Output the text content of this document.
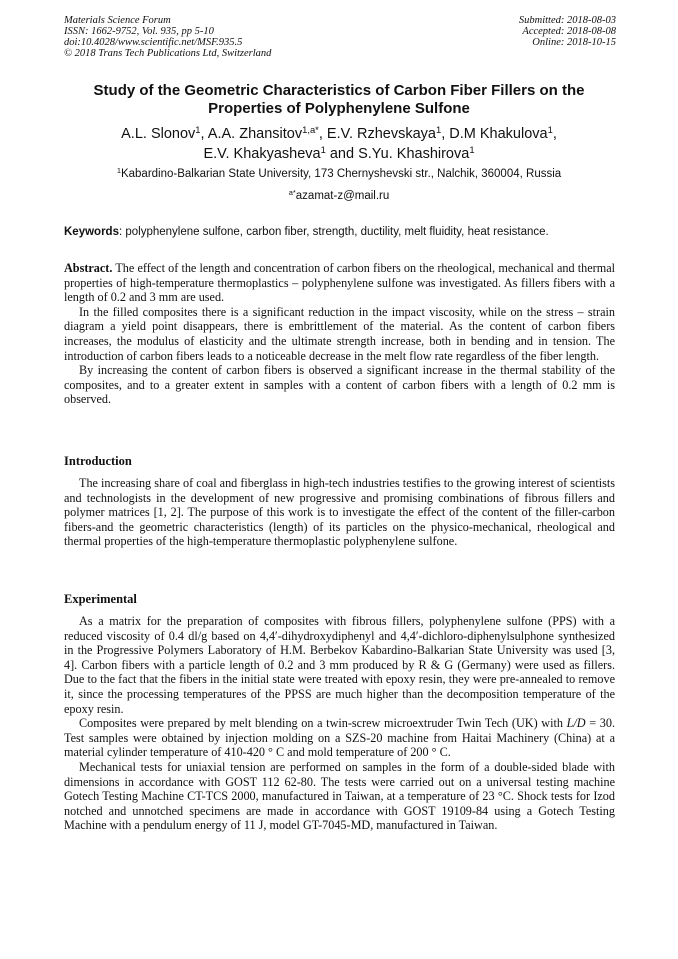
Materials Science Forum
ISSN: 1662-9752, Vol. 935, pp 5-10
doi:10.4028/www.scientific.net/MSF.935.5
© 2018 Trans Tech Publications Ltd, Switzerland
Submitted: 2018-08-03
Accepted: 2018-08-08
Online: 2018-10-15
Study of the Geometric Characteristics of Carbon Fiber Fillers on the Properties of Polyphenylene Sulfone
A.L. Slonov$^1$, A.A. Zhansitov$^{1,a*}$, E.V. Rzhevskaya$^1$, D.M Khakulova$^1$,
E.V. Khakyasheva$^1$ and S.Yu. Khashirova$^1$
$^1$Kabardino-Balkarian State University, 173 Chernyshevski str., Nalchik, 360004, Russia
$^{a*}$azamat-z@mail.ru
Keywords: polyphenylene sulfone, carbon fiber, strength, ductility, melt fluidity, heat resistance.

Abstract. The effect of the length and concentration of carbon fibers on the rheological, mechanical and thermal properties of high-temperature thermoplastics – polyphenylene sulfone was investigated. As fillers fibers with a length of 0.2 and 3 mm are used.

In the filled composites there is a significant reduction in the impact viscosity, while on the stress – strain diagram a yield point disappears, there is embrittlement of the material. As the content of carbon fibers increases, the modulus of elasticity and the ultimate strength increase, both in bending and in tension. The introduction of carbon fibers leads to a noticeable decrease in the melt flow rate regardless of the fiber length.

By increasing the content of carbon fibers is observed a significant increase in the thermal stability of the composites, and to a greater extent in samples with a content of carbon fibers with a length of 0.2 mm is observed.

Introduction

The increasing share of coal and fiberglass in high-tech industries testifies to the growing interest of scientists and technologists in the development of new progressive and promising combinations of fibrous fillers and polymer matrices [1, 2]. The purpose of this work is to investigate the effect of the content of the filler-carbon fibers-and the geometric characteristics (length) of its particles on the physico-mechanical, rheological and thermal properties of the high-temperature thermoplastic polyphenylene sulfone.

Experimental

As a matrix for the preparation of composites with fibrous fillers, polyphenylene sulfone (PPS) with a reduced viscosity of 0.4 dl/g based on 4,4′-dihydroxydiphenyl and 4,4′-dichloro-diphenylsulphone synthesized in the Progressive Polymers Laboratory of H.M. Berbekov Kabardino-Balkarian State University was used [3, 4]. Carbon fibers with a particle length of 0.2 and 3 mm produced by R & G (Germany) were used as fillers. Due to the fact that the fibers in the initial state were treated with epoxy resin, they were pre-annealed to remove it, since the processing temperatures of the PPSS are much higher than the decomposition temperature of the epoxy resin.

Composites were prepared by melt blending on a twin-screw microextruder Twin Tech (UK) with L/D = 30. Test samples were obtained by injection molding on a SZS-20 machine from Haitai Machinery (China) at a material cylinder temperature of 410-420 ° C and mold temperature of 200 ° C.

Mechanical tests for uniaxial tension are performed on samples in the form of a double-sided blade with dimensions in accordance with GOST 112 62-80. The tests were carried out on a universal testing machine Gotech Testing Machine CT-TCS 2000, manufactured in Taiwan, at a temperature of 23 °C. Shock tests for Izod notched and unnotched specimens are made in accordance with GOST 19109-84 using a Gotech Testing Machine with a pendulum energy of 11 J, model GT-7045-MD, manufactured in Taiwan.
